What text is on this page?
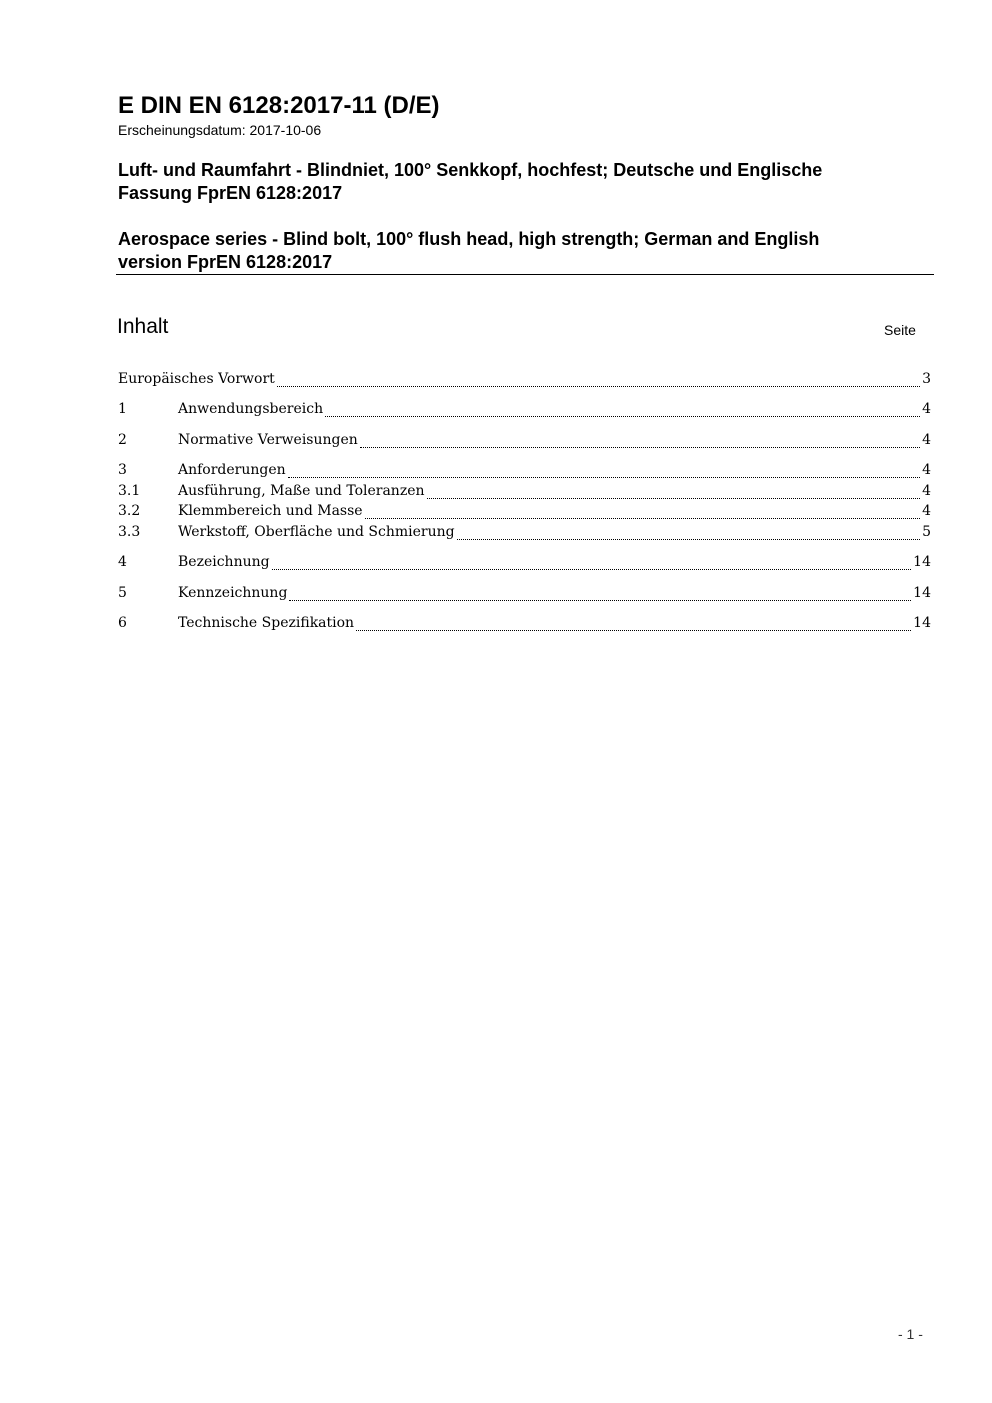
E DIN EN 6128:2017-11 (D/E)
Erscheinungsdatum: 2017-10-06
Luft- und Raumfahrt - Blindniet, 100° Senkkopf, hochfest; Deutsche und Englische
Fassung FprEN 6128:2017
Aerospace series - Blind bolt, 100° flush head, high strength; German and English
version FprEN 6128:2017
Inhalt	Seite
Europäisches Vorwort	3
1	Anwendungsbereich	4
2	Normative Verweisungen	4
3	Anforderungen	4
3.1	Ausführung, Maße und Toleranzen	4
3.2	Klemmbereich und Masse	4
3.3	Werkstoff, Oberfläche und Schmierung	5
4	Bezeichnung	14
5	Kennzeichnung	14
6	Technische Spezifikation	14
- 1 -
